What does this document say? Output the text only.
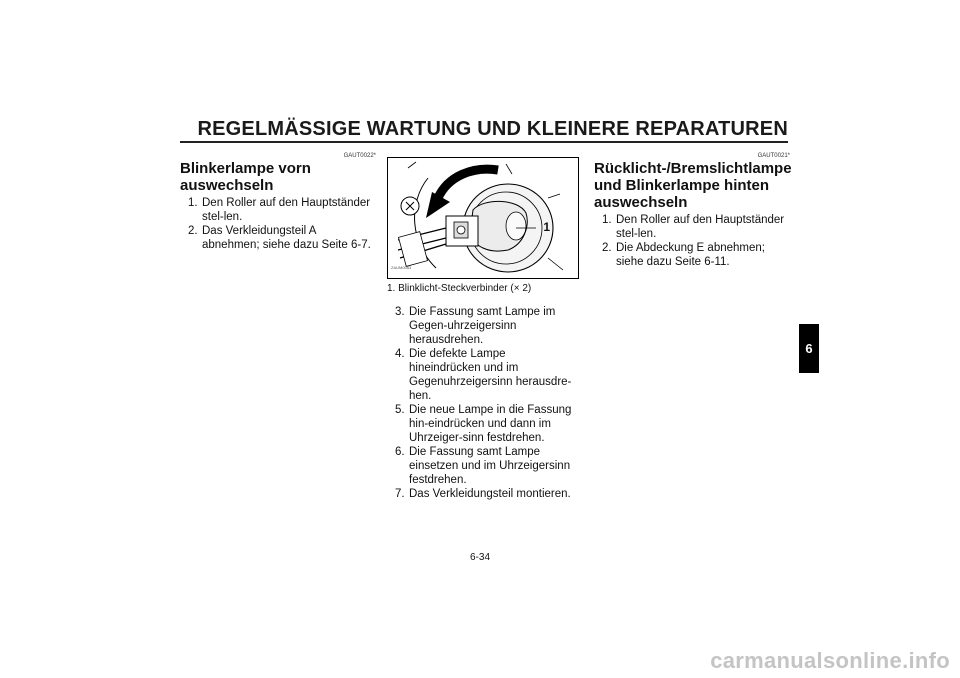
REGELMÄSSIGE WARTUNG UND KLEINERE REPARATUREN
GAUT0022*
Blinkerlampe vorn auswechseln
1. Den Roller auf den Hauptständer stel-len.
2. Das Verkleidungsteil A abnehmen; siehe dazu Seite 6-7.
1
ZAUM0083
1. Blinklicht-Steckverbinder (× 2)
3. Die Fassung samt Lampe im Gegen-uhrzeigersinn herausdrehen.
4. Die defekte Lampe hineindrücken und im Gegenuhrzeigersinn herausdre-hen.
5. Die neue Lampe in die Fassung hin-eindrücken und dann im Uhrzeiger-sinn festdrehen.
6. Die Fassung samt Lampe einsetzen und im Uhrzeigersinn festdrehen.
7. Das Verkleidungsteil montieren.
GAUT0021*
Rücklicht-/Bremslichtlampe und Blinkerlampe hinten auswechseln
1. Den Roller auf den Hauptständer stel-len.
2. Die Abdeckung E abnehmen; siehe dazu Seite 6-11.
6
6-34
carmanualsonline.info
